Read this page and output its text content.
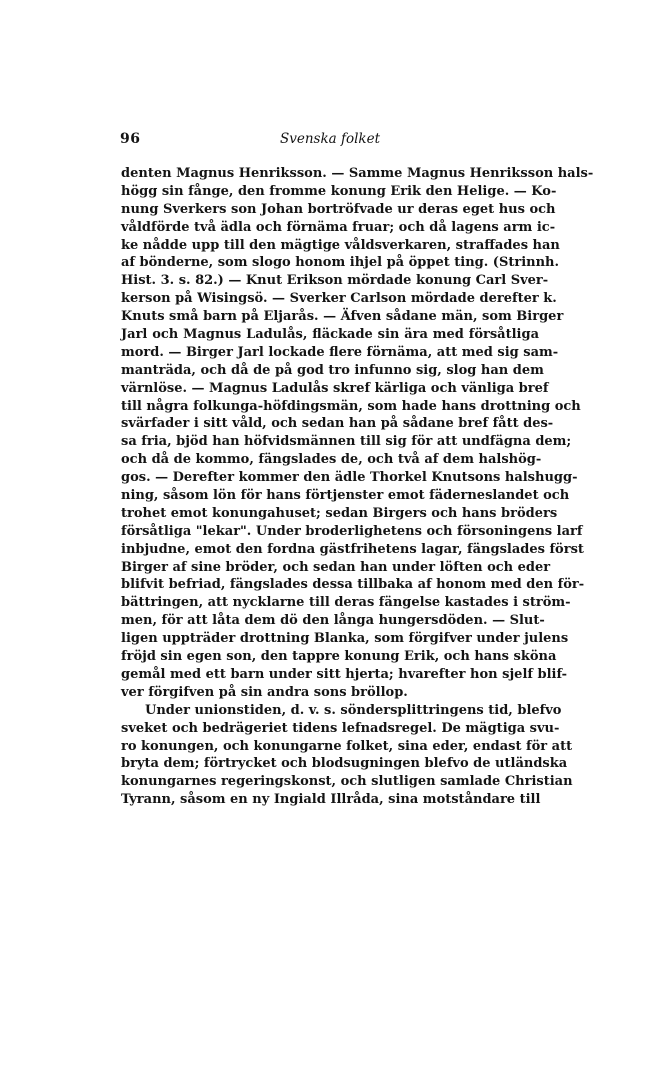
96	Svenska folket
denten Magnus Henriksson. — Samme Magnus Henriksson hals-
högg sin fånge, den fromme konung Erik den Helige. — Ko-
nung Sverkers son Johan bortröfvade ur deras eget hus och
våldförde två ädla och förnäma fruar; och då lagens arm ic-
ke nådde upp till den mägtige våldsverkaren, straffades han
af bönderne, som slogo honom ihjel på öppet ting. (Strinnh.
Hist. 3. s. 82.) — Knut Erikson mördade konung Carl Sver-
kerson på Wisingsö. — Sverker Carlson mördade derefter k.
Knuts små barn på Eljarås. — Äfven sådane män, som Birger
Jarl och Magnus Ladulås, fläckade sin ära med försåtliga
mord. — Birger Jarl lockade flere förnäma, att med sig sam-
manträda, och då de på god tro infunno sig, slog han dem
värnlöse. — Magnus Ladulås skref kärliga och vänliga bref
till några folkunga-höfdingsmän, som hade hans drottning och
svärfader i sitt våld, och sedan han på sådane bref fått des-
sa fria, bjöd han höfvidsmännen till sig för att undfägna dem;
och då de kommo, fängslades de, och två af dem halshög-
gos. — Derefter kommer den ädle Thorkel Knutsons halshugg-
ning, såsom lön för hans förtjenster emot fäderneslandet och
trohet emot konungahuset; sedan Birgers och hans bröders
försåtliga "lekar". Under broderlighetens och försoningens larf
inbjudne, emot den fordna gästfrihetens lagar, fängslades först
Birger af sine bröder, och sedan han under löften och eder
blifvit befriad, fängslades dessa tillbaka af honom med den för-
bättringen, att nycklarne till deras fängelse kastades i ström-
men, för att låta dem dö den långa hungersdöden. — Slut-
ligen uppträder drottning Blanka, som förgifver under julens
fröjd sin egen son, den tappre konung Erik, och hans sköna
gemål med ett barn under sitt hjerta; hvarefter hon sjelf blif-
ver förgifven på sin andra sons bröllop.
Under unionstiden, d. v. s. söndersplittringens tid, blefvo
sveket och bedrägeriet tidens lefnadsregel. De mägtiga svu-
ro konungen, och konungarne folket, sina eder, endast för att
bryta dem; förtrycket och blodsugningen blefvo de utländska
konungarnes regeringskonst, och slutligen samlade Christian
Tyrann, såsom en ny Ingiald Illråda, sina motståndare till
